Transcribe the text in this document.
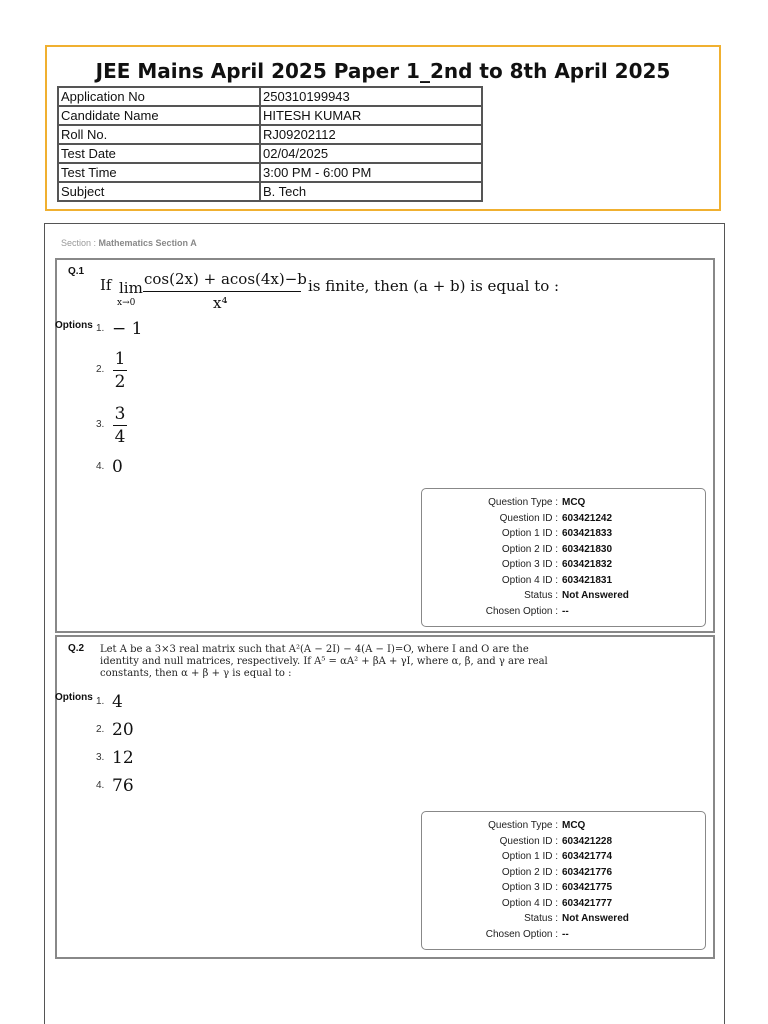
JEE Mains April 2025 Paper 1_2nd to 8th April 2025
Application No	250310199943
Candidate Name	HITESH KUMAR
Roll No.	RJ09202112
Test Date	02/04/2025
Test Time	3:00 PM - 6:00 PM
Subject	B. Tech
Section : Mathematics Section A
Q.1
If lim
x→0
cos(2x) + acos(4x)−b
x⁴
is finite, then (a + b) is equal to :
Options 1. − 1
2. $\frac{1}{2}$
3. $\frac{3}{4}$
4. 0
Question Type : MCQ
Question ID : 603421242
Option 1 ID : 603421833
Option 2 ID : 603421830
Option 3 ID : 603421832
Option 4 ID : 603421831
Status : Not Answered
Chosen Option : --
Q.2 Let A be a 3×3 real matrix such that A²(A − 2I) − 4(A − I)=O, where I and O are the
identity and null matrices, respectively. If A⁵ = αA² + βA + γI, where α, β, and γ are real
constants, then α + β + γ is equal to :
Options 1. 4
2. 20
3. 12
4. 76
Question Type : MCQ
Question ID : 603421228
Option 1 ID : 603421774
Option 2 ID : 603421776
Option 3 ID : 603421775
Option 4 ID : 603421777
Status : Not Answered
Chosen Option : --
